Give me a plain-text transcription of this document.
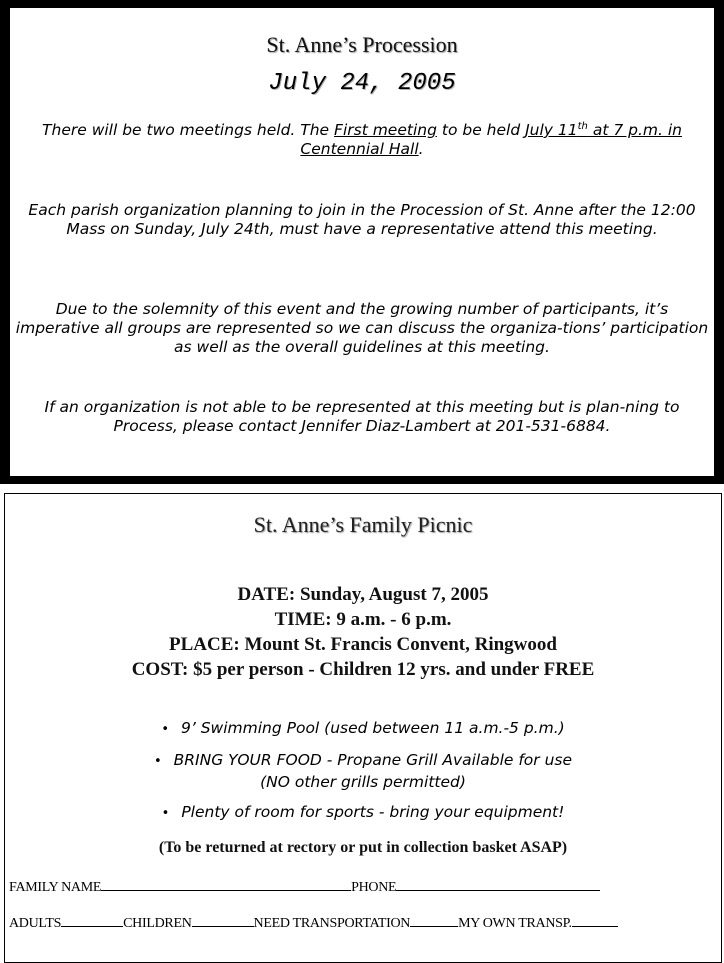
St. Anne’s Procession
July 24, 2005
There will be two meetings held. The First meeting to be held July 11th at 7 p.m. in Centennial Hall.
Each parish organization planning to join in the Procession of St. Anne after the 12:00 Mass on Sunday, July 24th, must have a representative attend this meeting.
Due to the solemnity of this event and the growing number of participants, it’s imperative all groups are represented so we can discuss the organiza-tions’ participation as well as the overall guidelines at this meeting.
If an organization is not able to be represented at this meeting but is plan-ning to Process, please contact Jennifer Diaz-Lambert at 201-531-6884.
St. Anne’s Family Picnic
DATE: Sunday, August 7, 2005
TIME: 9 a.m. - 6 p.m.
PLACE: Mount St. Francis Convent, Ringwood
COST: $5 per person - Children 12 yrs. and under FREE
• 9’ Swimming Pool (used between 11 a.m.-5 p.m.)
• BRING YOUR FOOD - Propane Grill Available for use
(NO other grills permitted)
• Plenty of room for sports - bring your equipment!
(To be returned at rectory or put in collection basket ASAP)
FAMILY NAME	PHONE
ADULTS	CHILDREN	NEED TRANSPORTATION	MY OWN TRANSP.
